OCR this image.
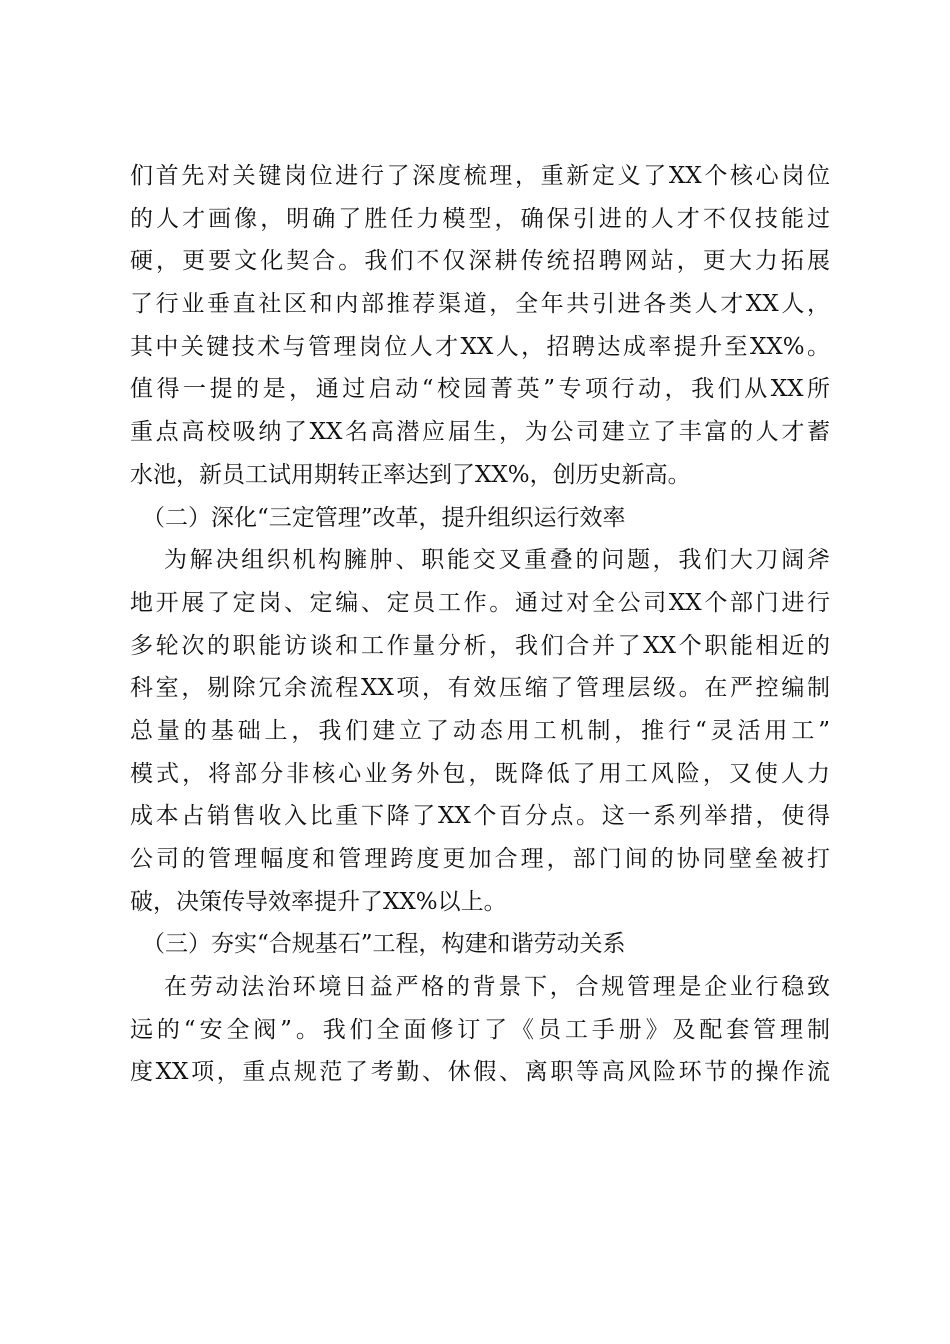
们首先对关键岗位进行了深度梳理，重新定义了XX个核心岗位
的人才画像，明确了胜任力模型，确保引进的人才不仅技能过
硬，更要文化契合。我们不仅深耕传统招聘网站，更大力拓展
了行业垂直社区和内部推荐渠道，全年共引进各类人才XX人，
其中关键技术与管理岗位人才XX人，招聘达成率提升至XX%。
值得一提的是，通过启动“校园菁英”专项行动，我们从XX所
重点高校吸纳了XX名高潜应届生，为公司建立了丰富的人才蓄
水池，新员工试用期转正率达到了XX%，创历史新高。
（二）深化“三定管理”改革，提升组织运行效率
为解决组织机构臃肿、职能交叉重叠的问题，我们大刀阔斧
地开展了定岗、定编、定员工作。通过对全公司XX个部门进行
多轮次的职能访谈和工作量分析，我们合并了XX个职能相近的
科室，剔除冗余流程XX项，有效压缩了管理层级。在严控编制
总量的基础上，我们建立了动态用工机制，推行“灵活用工”
模式，将部分非核心业务外包，既降低了用工风险，又使人力
成本占销售收入比重下降了XX个百分点。这一系列举措，使得
公司的管理幅度和管理跨度更加合理，部门间的协同壁垒被打
破，决策传导效率提升了XX%以上。
（三）夯实“合规基石”工程，构建和谐劳动关系
在劳动法治环境日益严格的背景下，合规管理是企业行稳致
远的“安全阀”。我们全面修订了《员工手册》及配套管理制
度XX项，重点规范了考勤、休假、离职等高风险环节的操作流
